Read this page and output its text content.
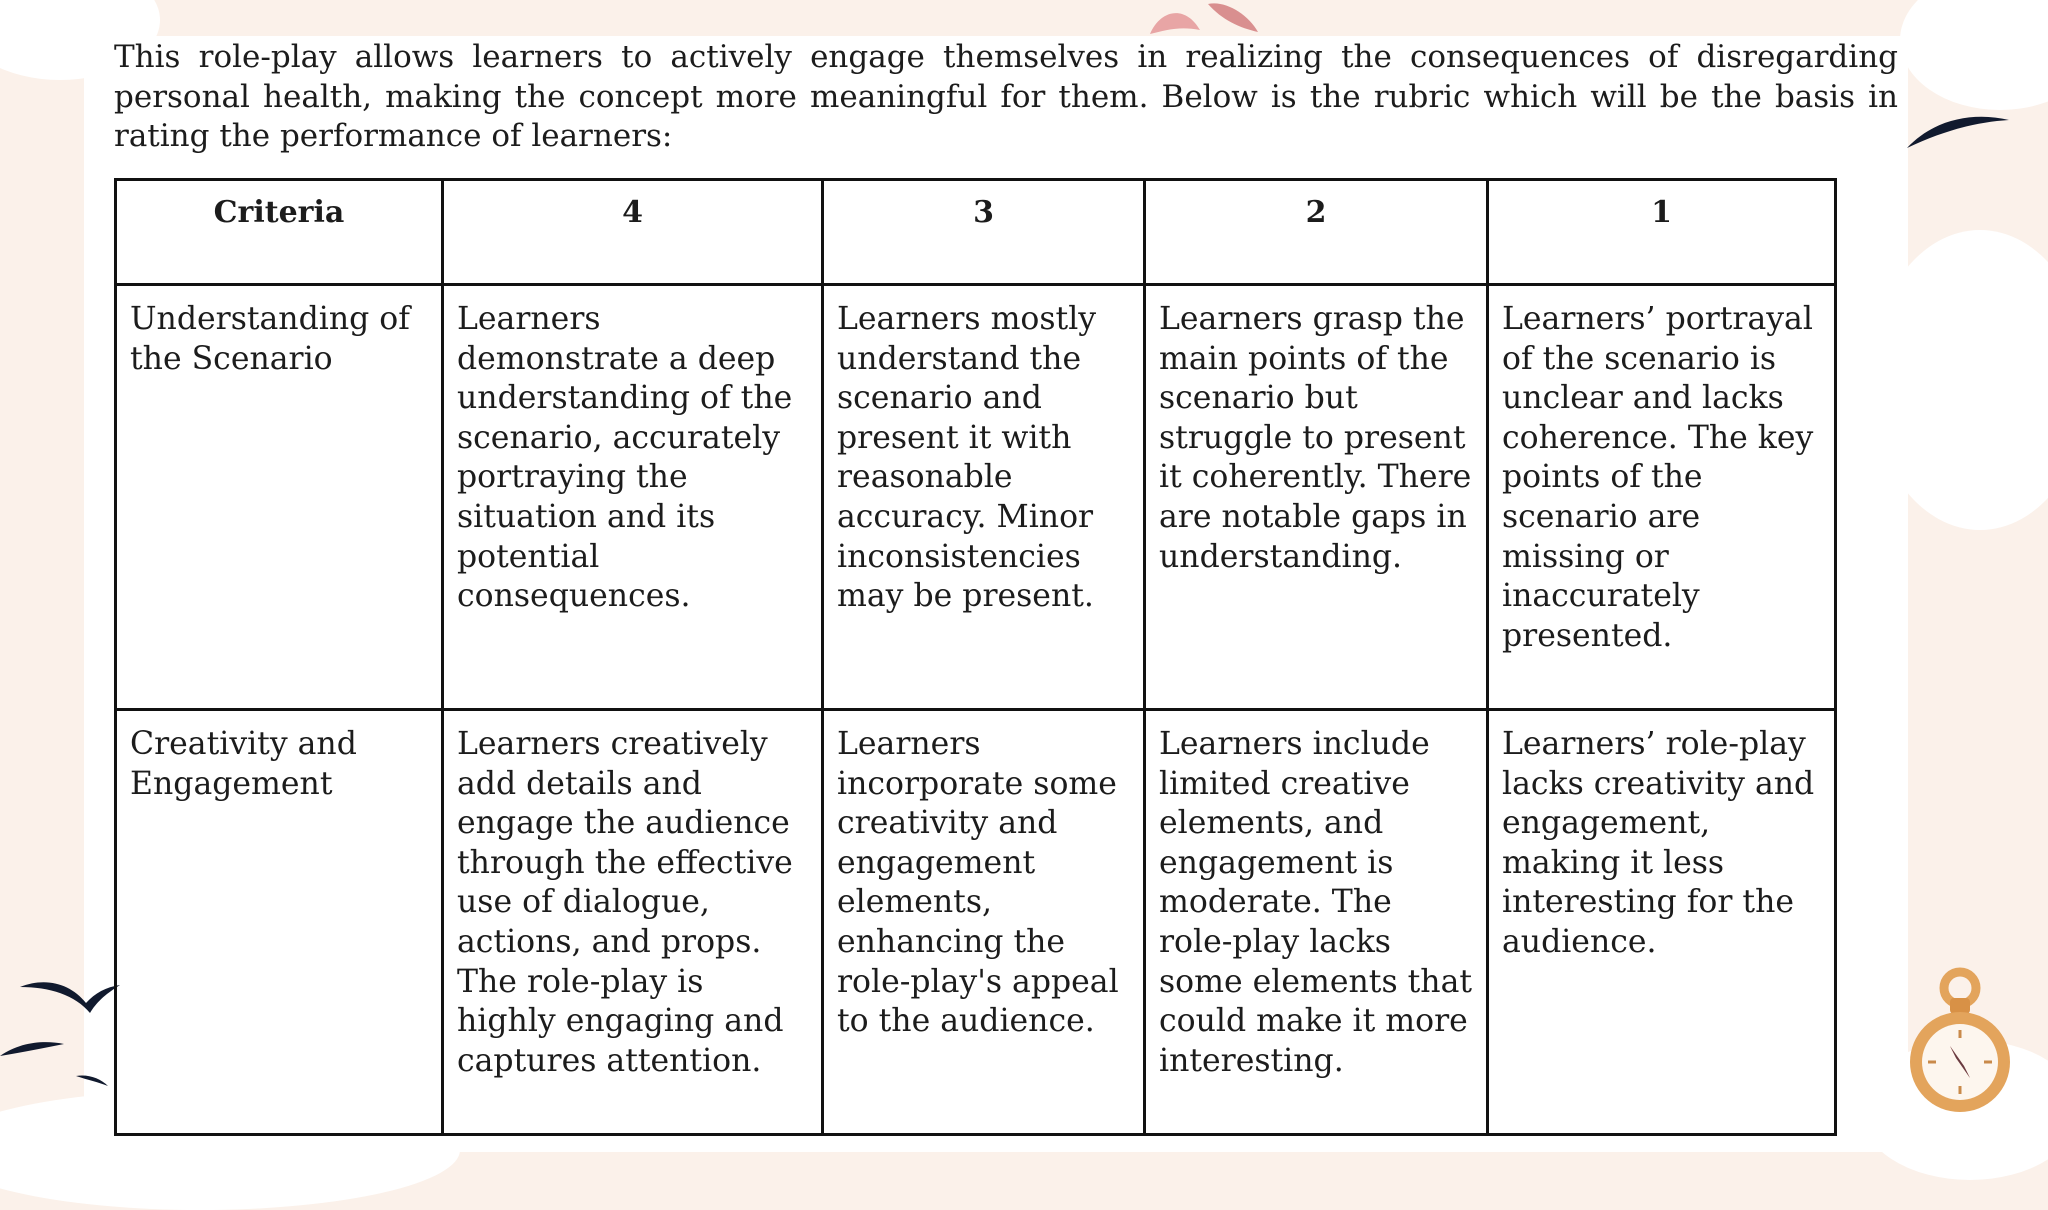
This role-play allows learners to actively engage themselves in realizing the consequences of disregarding personal health, making the concept more meaningful for them. Below is the rubric which will be the basis in rating the performance of learners:

Criteria	4	3	2	1
Understanding of the Scenario	Learners demonstrate a deep understanding of the scenario, accurately portraying the situation and its potential consequences.	Learners mostly understand the scenario and present it with reasonable accuracy. Minor inconsistencies may be present.	Learners grasp the main points of the scenario but struggle to present it coherently. There are notable gaps in understanding.	Learners’ portrayal of the scenario is unclear and lacks coherence. The key points of the scenario are missing or inaccurately presented.
Creativity and Engagement	Learners creatively add details and engage the audience through the effective use of dialogue, actions, and props. The role-play is highly engaging and captures attention.	Learners incorporate some creativity and engagement elements, enhancing the role-play's appeal to the audience.	Learners include limited creative elements, and engagement is moderate. The role-play lacks some elements that could make it more interesting.	Learners’ role-play lacks creativity and engagement, making it less interesting for the audience.
